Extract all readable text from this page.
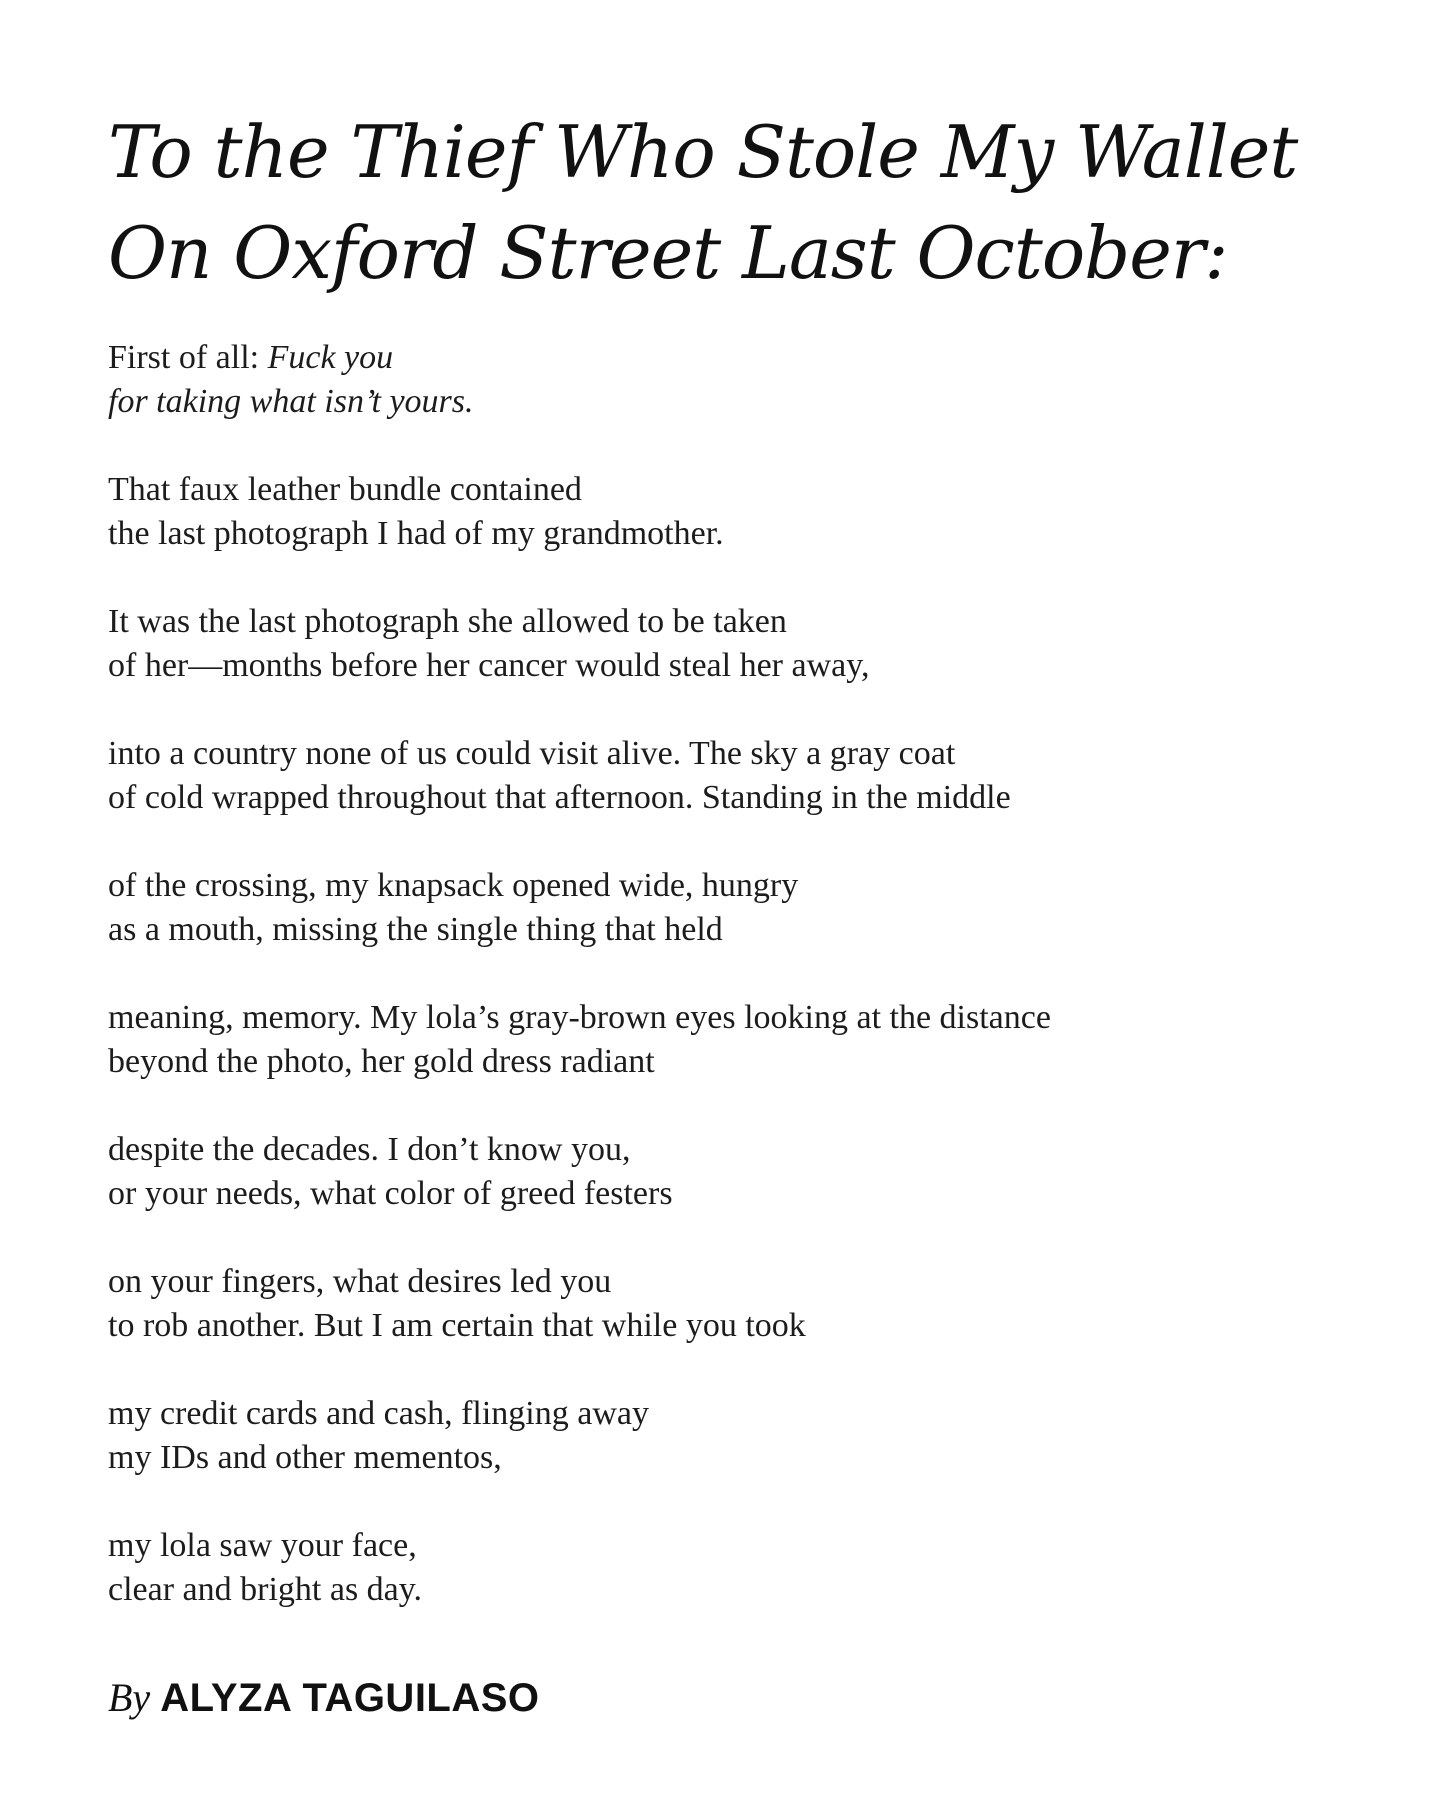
To the Thief Who Stole My Wallet
On Oxford Street Last October:
First of all: Fuck you
for taking what isn’t yours.
That faux leather bundle contained
the last photograph I had of my grandmother.
It was the last photograph she allowed to be taken
of her—months before her cancer would steal her away,
into a country none of us could visit alive. The sky a gray coat
of cold wrapped throughout that afternoon. Standing in the middle
of the crossing, my knapsack opened wide, hungry
as a mouth, missing the single thing that held
meaning, memory. My lola’s gray-brown eyes looking at the distance
beyond the photo, her gold dress radiant
despite the decades. I don’t know you,
or your needs, what color of greed festers
on your fingers, what desires led you
to rob another. But I am certain that while you took
my credit cards and cash, flinging away
my IDs and other mementos,
my lola saw your face,
clear and bright as day.
By ALYZA TAGUILASO
